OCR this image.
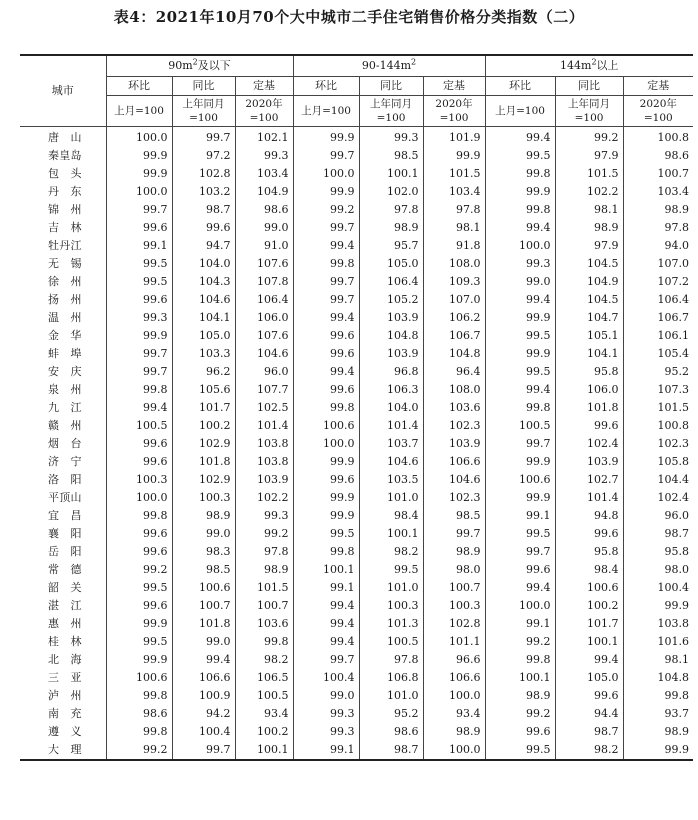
表4：2021年10月70个大中城市二手住宅销售价格分类指数（二）
城市	$90m^2$及以下			$90-144m^2$			$144m^2$以上		
	环比	同比	定基	环比	同比	定基	环比	同比	定基
	上月=100	上年同月=100	2020年=100	上月=100	上年同月=100	2020年=100	上月=100	上年同月=100	2020年=100
唐山	100.0	99.7	102.1	99.9	99.3	101.9	99.4	99.2	100.8
秦皇岛	99.9	97.2	99.3	99.7	98.5	99.9	99.5	97.9	98.6
包头	99.9	102.8	103.4	100.0	100.1	101.5	99.8	101.5	100.7
丹东	100.0	103.2	104.9	99.9	102.0	103.4	99.9	102.2	103.4
锦州	99.7	98.7	98.6	99.2	97.8	97.8	99.8	98.1	98.9
吉林	99.6	99.6	99.0	99.7	98.9	98.1	99.4	98.9	97.8
牡丹江	99.1	94.7	91.0	99.4	95.7	91.8	100.0	97.9	94.0
无锡	99.5	104.0	107.6	99.8	105.0	108.0	99.3	104.5	107.0
徐州	99.5	104.3	107.8	99.7	106.4	109.3	99.0	104.9	107.2
扬州	99.6	104.6	106.4	99.7	105.2	107.0	99.4	104.5	106.4
温州	99.3	104.1	106.0	99.4	103.9	106.2	99.9	104.7	106.7
金华	99.9	105.0	107.6	99.6	104.8	106.7	99.5	105.1	106.1
蚌埠	99.7	103.3	104.6	99.6	103.9	104.8	99.9	104.1	105.4
安庆	99.7	96.2	96.0	99.4	96.8	96.4	99.5	95.8	95.2
泉州	99.8	105.6	107.7	99.6	106.3	108.0	99.4	106.0	107.3
九江	99.4	101.7	102.5	99.8	104.0	103.6	99.8	101.8	101.5
赣州	100.5	100.2	101.4	100.6	101.4	102.3	100.5	99.6	100.8
烟台	99.6	102.9	103.8	100.0	103.7	103.9	99.7	102.4	102.3
济宁	99.6	101.8	103.8	99.9	104.6	106.6	99.9	103.9	105.8
洛阳	100.3	102.9	103.9	99.6	103.5	104.6	100.6	102.7	104.4
平顶山	100.0	100.3	102.2	99.9	101.0	102.3	99.9	101.4	102.4
宜昌	99.8	98.9	99.3	99.9	98.4	98.5	99.1	94.8	96.0
襄阳	99.6	99.0	99.2	99.5	100.1	99.7	99.5	99.6	98.7
岳阳	99.6	98.3	97.8	99.8	98.2	98.9	99.7	95.8	95.8
常德	99.2	98.5	98.9	100.1	99.5	98.0	99.6	98.4	98.0
韶关	99.5	100.6	101.5	99.1	101.0	100.7	99.4	100.6	100.4
湛江	99.6	100.7	100.7	99.4	100.3	100.3	100.0	100.2	99.9
惠州	99.9	101.8	103.6	99.4	101.3	102.8	99.1	101.7	103.8
桂林	99.5	99.0	99.8	99.4	100.5	101.1	99.2	100.1	101.6
北海	99.9	99.4	98.2	99.7	97.8	96.6	99.8	99.4	98.1
三亚	100.6	106.6	106.5	100.4	106.8	106.6	100.1	105.0	104.8
泸州	99.8	100.9	100.5	99.0	101.0	100.0	98.9	99.6	99.8
南充	98.6	94.2	93.4	99.3	95.2	93.4	99.2	94.4	93.7
遵义	99.8	100.4	100.2	99.3	98.6	98.9	99.6	98.7	98.9
大理	99.2	99.7	100.1	99.1	98.7	100.0	99.5	98.2	99.9
